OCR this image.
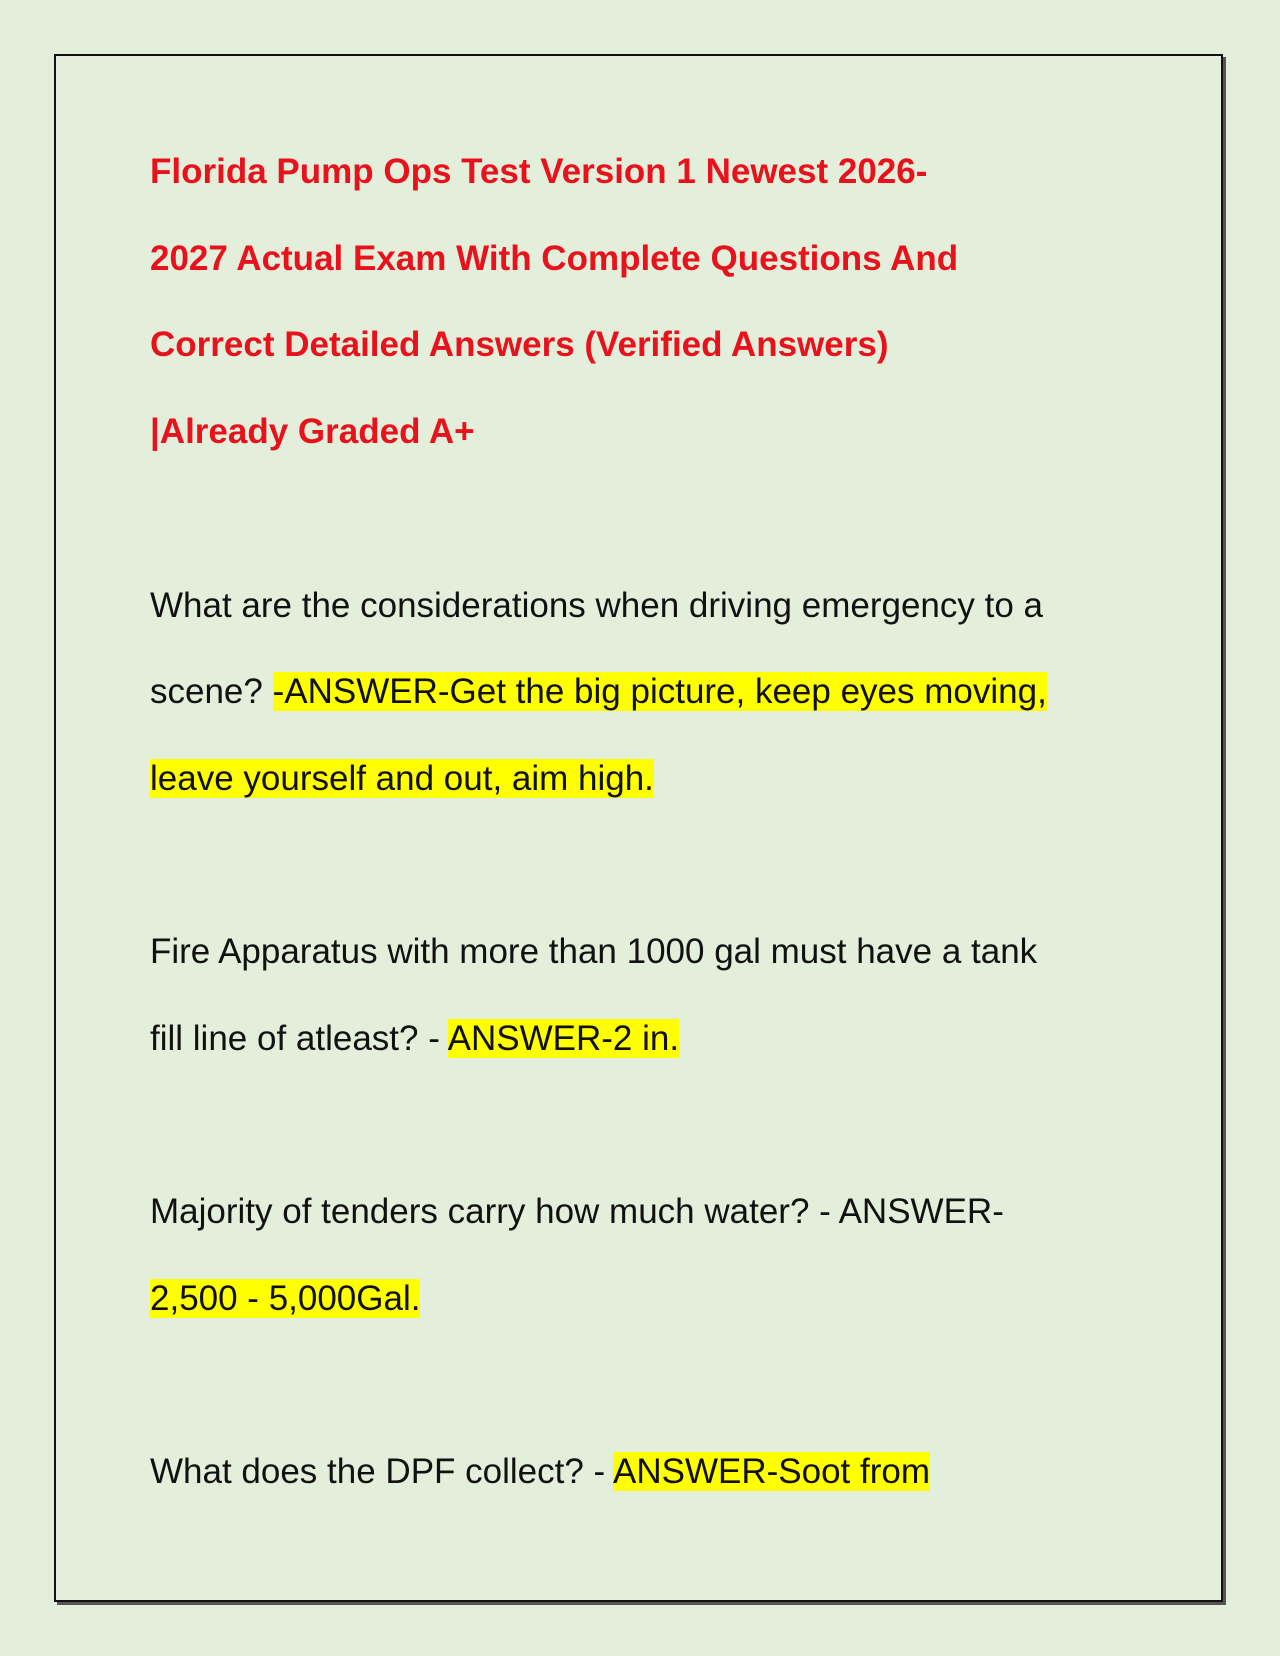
Florida Pump Ops Test Version 1 Newest 2026-
2027 Actual Exam With Complete Questions And
Correct Detailed Answers (Verified Answers)
|Already Graded A+
What are the considerations when driving emergency to a
scene? -ANSWER-Get the big picture, keep eyes moving,
leave yourself and out, aim high.
Fire Apparatus with more than 1000 gal must have a tank
fill line of atleast? - ANSWER-2 in.
Majority of tenders carry how much water? - ANSWER-
2,500 - 5,000Gal.
What does the DPF collect? - ANSWER-Soot from
